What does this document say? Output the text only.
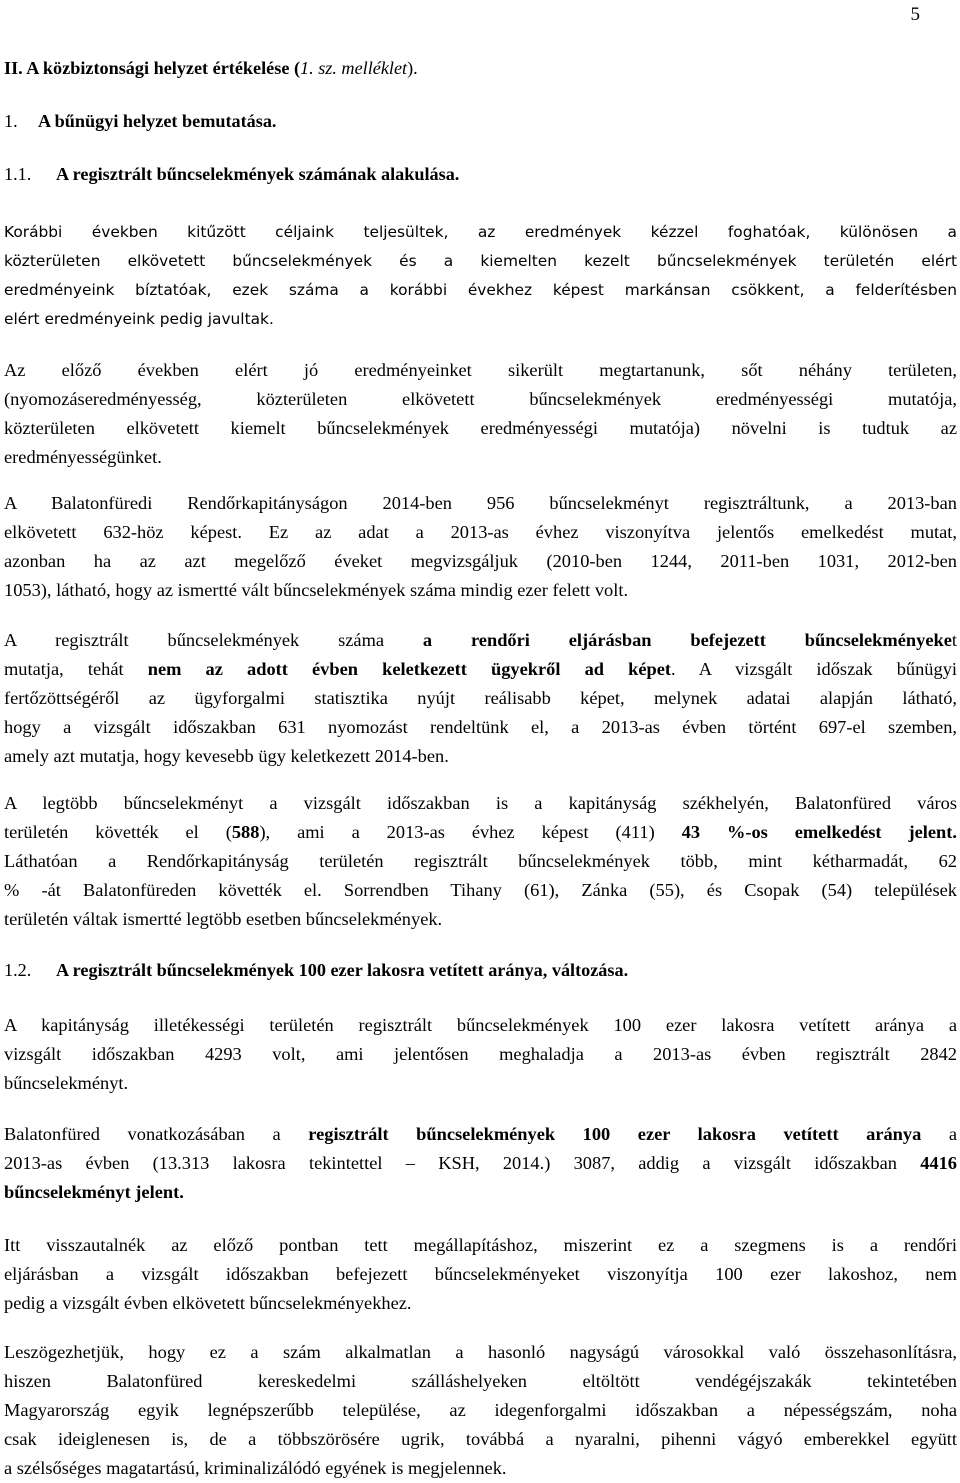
5
II. A közbiztonsági helyzet értékelése (1. sz. melléklet).
1. A bűnügyi helyzet bemutatása.
1.1. A regisztrált bűncselekmények számának alakulása.
Korábbi években kitűzött céljaink teljesültek, az eredmények kézzel foghatóak, különösen a
közterületen elkövetett bűncselekmények és a kiemelten kezelt bűncselekmények területén elért
eredményeink bíztatóak, ezek száma a korábbi évekhez képest markánsan csökkent, a felderítésben
elért eredményeink pedig javultak.
Az előző években elért jó eredményeinket sikerült megtartanunk, sőt néhány területen,
(nyomozáseredményesség, közterületen elkövetett bűncselekmények eredményességi mutatója,
közterületen elkövetett kiemelt bűncselekmények eredményességi mutatója) növelni is tudtuk az
eredményességünket.
A Balatonfüredi Rendőrkapitányságon 2014-ben 956 bűncselekményt regisztráltunk, a 2013-ban
elkövetett 632-höz képest. Ez az adat a 2013-as évhez viszonyítva jelentős emelkedést mutat,
azonban ha az azt megelőző éveket megvizsgáljuk (2010-ben 1244, 2011-ben 1031, 2012-ben
1053), látható, hogy az ismertté vált bűncselekmények száma mindig ezer felett volt.
A regisztrált bűncselekmények száma a rendőri eljárásban befejezett bűncselekményeket
mutatja, tehát nem az adott évben keletkezett ügyekről ad képet. A vizsgált időszak bűnügyi
fertőzöttségéről az ügyforgalmi statisztika nyújt reálisabb képet, melynek adatai alapján látható,
hogy a vizsgált időszakban 631 nyomozást rendeltünk el, a 2013-as évben történt 697-el szemben,
amely azt mutatja, hogy kevesebb ügy keletkezett 2014-ben.
A legtöbb bűncselekményt a vizsgált időszakban is a kapitányság székhelyén, Balatonfüred város
területén követték el (588), ami a 2013-as évhez képest (411) 43 %-os emelkedést jelent.
Láthatóan a Rendőrkapitányság területén regisztrált bűncselekmények több, mint kétharmadát, 62
% -át Balatonfüreden követték el. Sorrendben Tihany (61), Zánka (55), és Csopak (54) települések
területén váltak ismertté legtöbb esetben bűncselekmények.
1.2. A regisztrált bűncselekmények 100 ezer lakosra vetített aránya, változása.
A kapitányság illetékességi területén regisztrált bűncselekmények 100 ezer lakosra vetített aránya a
vizsgált időszakban 4293 volt, ami jelentősen meghaladja a 2013-as évben regisztrált 2842
bűncselekményt.
Balatonfüred vonatkozásában a regisztrált bűncselekmények 100 ezer lakosra vetített aránya a
2013-as évben (13.313 lakosra tekintettel – KSH, 2014.) 3087, addig a vizsgált időszakban 4416
bűncselekményt jelent.
Itt visszautalnék az előző pontban tett megállapításhoz, miszerint ez a szegmens is a rendőri
eljárásban a vizsgált időszakban befejezett bűncselekményeket viszonyítja 100 ezer lakoshoz, nem
pedig a vizsgált évben elkövetett bűncselekményekhez.
Leszögezhetjük, hogy ez a szám alkalmatlan a hasonló nagyságú városokkal való összehasonlításra,
hiszen Balatonfüred kereskedelmi szálláshelyeken eltöltött vendégéjszakák tekintetében
Magyarország egyik legnépszerűbb települése, az idegenforgalmi időszakban a népességszám, noha
csak ideiglenesen is, de a többszörösére ugrik, továbbá a nyaralni, pihenni vágyó emberekkel együtt
a szélsőséges magatartású, kriminalizálódó egyének is megjelennek.
